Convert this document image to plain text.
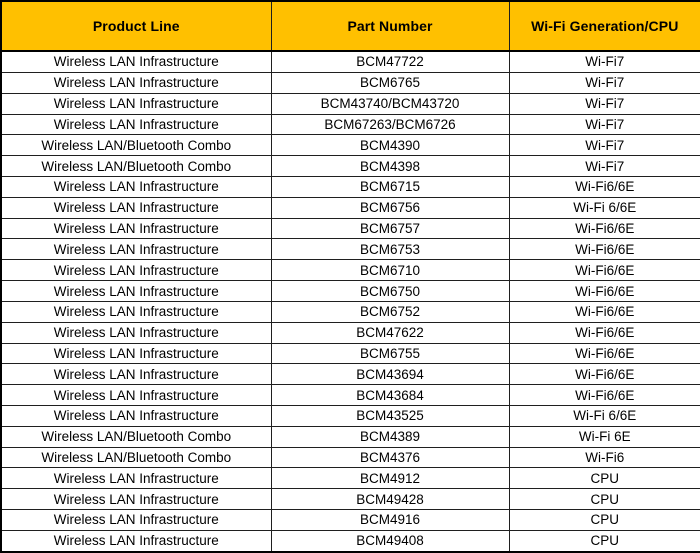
Product Line	Part Number	Wi-Fi Generation/CPU
Wireless LAN Infrastructure	BCM47722	Wi-Fi7
Wireless LAN Infrastructure	BCM6765	Wi-Fi7
Wireless LAN Infrastructure	BCM43740/BCM43720	Wi-Fi7
Wireless LAN Infrastructure	BCM67263/BCM6726	Wi-Fi7
Wireless LAN/Bluetooth Combo	BCM4390	Wi-Fi7
Wireless LAN/Bluetooth Combo	BCM4398	Wi-Fi7
Wireless LAN Infrastructure	BCM6715	Wi-Fi6/6E
Wireless LAN Infrastructure	BCM6756	Wi-Fi 6/6E
Wireless LAN Infrastructure	BCM6757	Wi-Fi6/6E
Wireless LAN Infrastructure	BCM6753	Wi-Fi6/6E
Wireless LAN Infrastructure	BCM6710	Wi-Fi6/6E
Wireless LAN Infrastructure	BCM6750	Wi-Fi6/6E
Wireless LAN Infrastructure	BCM6752	Wi-Fi6/6E
Wireless LAN Infrastructure	BCM47622	Wi-Fi6/6E
Wireless LAN Infrastructure	BCM6755	Wi-Fi6/6E
Wireless LAN Infrastructure	BCM43694	Wi-Fi6/6E
Wireless LAN Infrastructure	BCM43684	Wi-Fi6/6E
Wireless LAN Infrastructure	BCM43525	Wi-Fi 6/6E
Wireless LAN/Bluetooth Combo	BCM4389	Wi-Fi 6E
Wireless LAN/Bluetooth Combo	BCM4376	Wi-Fi6
Wireless LAN Infrastructure	BCM4912	CPU
Wireless LAN Infrastructure	BCM49428	CPU
Wireless LAN Infrastructure	BCM4916	CPU
Wireless LAN Infrastructure	BCM49408	CPU
